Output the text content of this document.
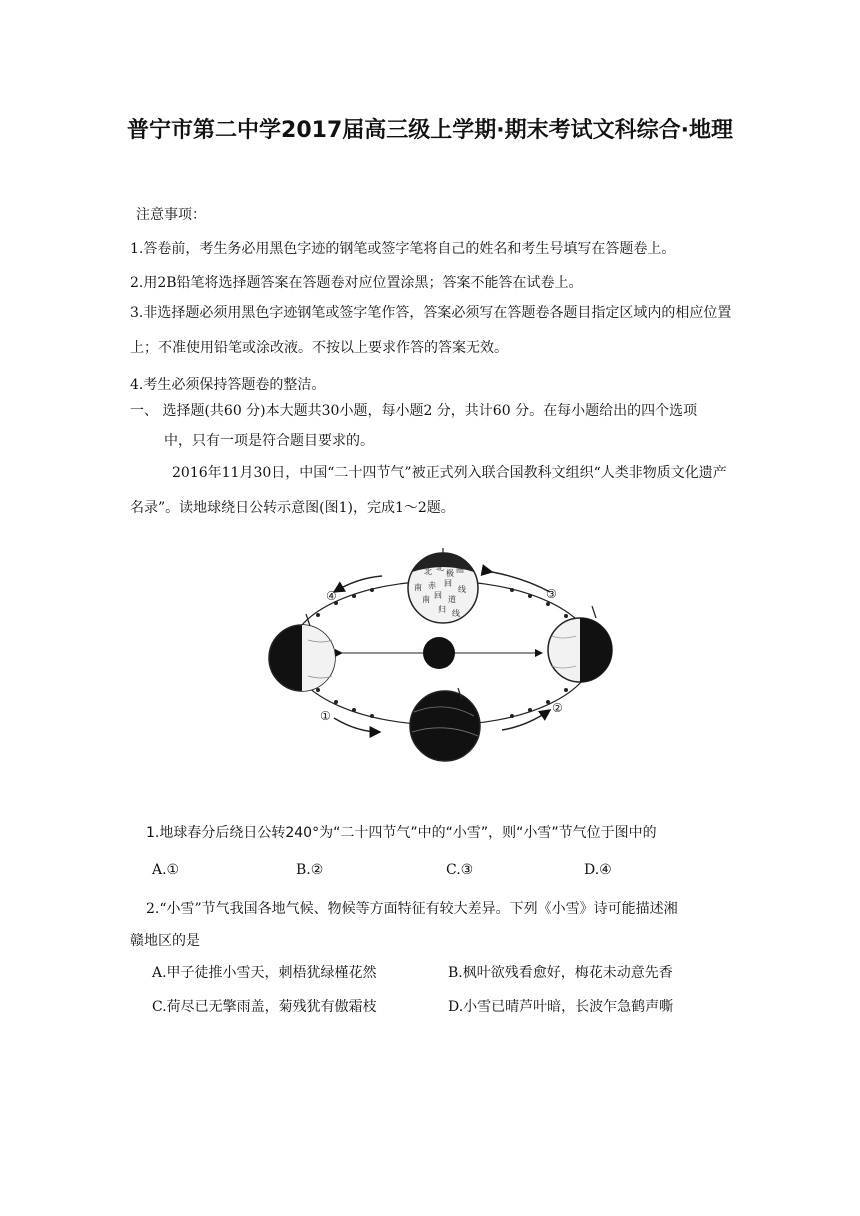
普宁市第二中学2017届高三级上学期·期末考试文科综合·地理
注意事项：
1.答卷前，考生务必用黑色字迹的钢笔或签字笔将自己的姓名和考生号填写在答题卷上。
2.用2B铅笔将选择题答案在答题卷对应位置涂黑；答案不能答在试卷上。
3.非选择题必须用黑色字迹钢笔或签字笔作答，答案必须写在答题卷各题目指定区域内的相应位置上；不准使用铅笔或涂改液。不按以上要求作答的答案无效。
4.考生必须保持答题卷的整洁。
一、 选择题(共60 分)本大题共30小题，每小题2 分，共计60 分。在每小题给出的四个选项
中，只有一项是符合题目要求的。
2016年11月30日，中国“二十四节气”被正式列入联合国教科文组织“人类非物质文化遗产名录”。读地球绕日公转示意图(图1)，完成1～2题。
北 北
极 圈
南 赤 回
线
南 回 道
归 线
④	③
①
②
1.地球春分后绕日公转240°为“二十四节气”中的“小雪”，则“小雪”节气位于图中的
A.①	B.②	C.③	D.④
2.“小雪”节气我国各地气候、物候等方面特征有较大差异。下列《小雪》诗可能描述湘
赣地区的是
A.甲子徒推小雪天，刺梧犹绿槿花然	B.枫叶欲残看愈好，梅花未动意先香
C.荷尽已无擎雨盖，菊残犹有傲霜枝	D.小雪已晴芦叶暗，长波乍急鹤声嘶
